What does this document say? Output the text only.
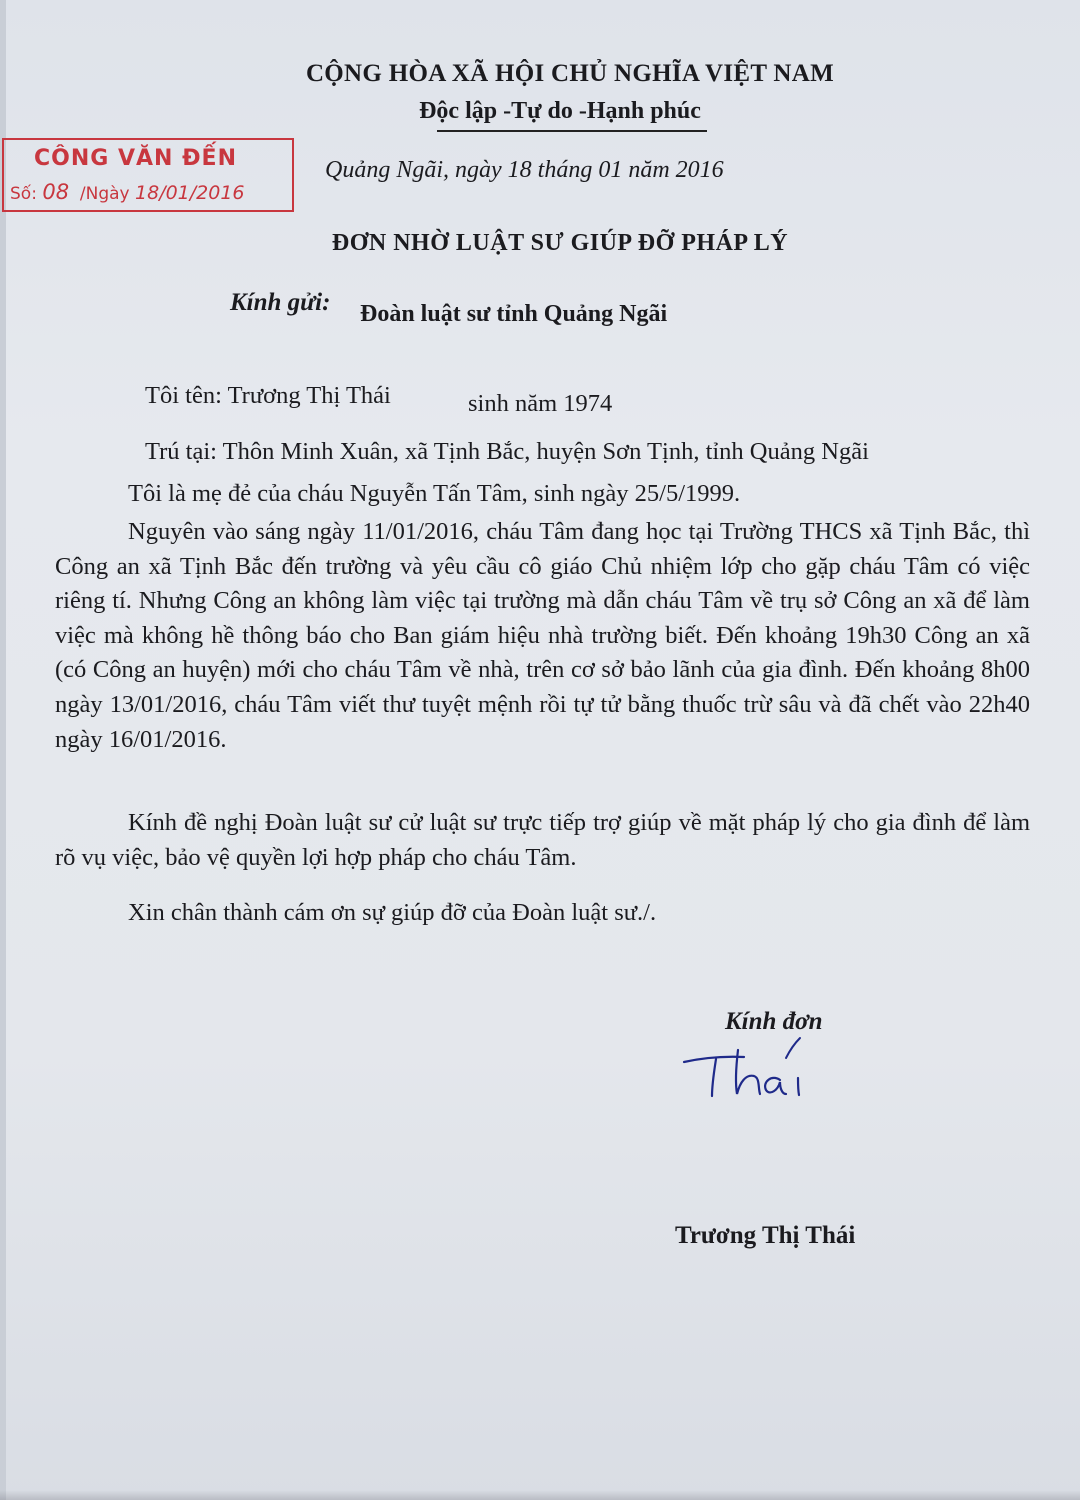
CỘNG HÒA XÃ HỘI CHỦ NGHĨA VIỆT NAM
Độc lập -Tự do -Hạnh phúc
CÔNG VĂN ĐẾN
Số: 08  /Ngày 18/01/2016
Quảng Ngãi, ngày 18 tháng 01 năm 2016
ĐƠN NHỜ LUẬT SƯ GIÚP ĐỠ PHÁP LÝ
Kính gửi: Đoàn luật sư tỉnh Quảng Ngãi
Tôi tên: Trương Thị Thái	sinh năm 1974
Trú tại: Thôn Minh Xuân, xã Tịnh Bắc, huyện Sơn Tịnh, tỉnh Quảng Ngãi
Tôi là mẹ đẻ của cháu Nguyễn Tấn Tâm, sinh ngày 25/5/1999.
Nguyên vào sáng ngày 11/01/2016, cháu Tâm đang học tại Trường THCS xã Tịnh Bắc, thì Công an xã Tịnh Bắc đến trường và yêu cầu cô giáo Chủ nhiệm lớp cho gặp cháu Tâm có việc riêng tí. Nhưng Công an không làm việc tại trường mà dẫn cháu Tâm về trụ sở Công an xã để làm việc mà không hề thông báo cho Ban giám hiệu nhà trường biết. Đến khoảng 19h30 Công an xã (có Công an huyện) mới cho cháu Tâm về nhà, trên cơ sở bảo lãnh của gia đình. Đến khoảng 8h00 ngày 13/01/2016, cháu Tâm viết thư tuyệt mệnh rồi tự tử bằng thuốc trừ sâu và đã chết vào 22h40 ngày 16/01/2016.
Kính đề nghị Đoàn luật sư cử luật sư trực tiếp trợ giúp về mặt pháp lý cho gia đình để làm rõ vụ việc, bảo vệ quyền lợi hợp pháp cho cháu Tâm.
Xin chân thành cám ơn sự giúp đỡ của Đoàn luật sư./.
Kính đơn
Trương Thị Thái
